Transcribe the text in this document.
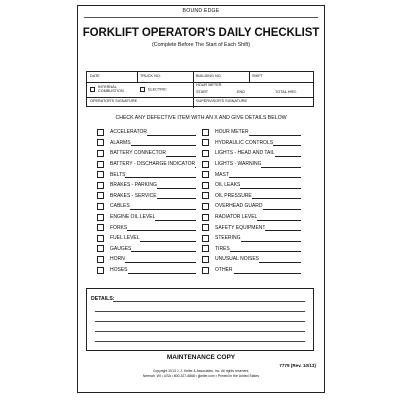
BOUND EDGE
FORKLIFT OPERATOR'S DAILY CHECKLIST
(Complete Before The Start of Each Shift)
DATE	TRUCK NO.	BUILDING NO.	SHIFT
INTERNAL
COMBUSTION	ELECTRIC
HOUR METER
START	END	TOTAL HRS.
OPERATOR'S SIGNATURE	SUPERVISOR'S SIGNATURE
CHECK ANY DEFECTIVE ITEM WITH AN X AND GIVE DETAILS BELOW
ACCELERATOR	HOUR METER
ALARMS	HYDRAULIC CONTROLS
BATTERY CONNECTOR	LIGHTS - HEAD AND TAIL
BATTERY - DISCHARGE INDICATOR	LIGHTS - WARNING
BELTS	MAST
BRAKES - PARKING	OIL LEAKS
BRAKES - SERVICE	OIL PRESSURE
CABLES	OVERHEAD GUARD
ENGINE OIL LEVEL	RADIATOR LEVEL
FORKS	SAFETY EQUIPMENT
FUEL LEVEL	STEERING
GAUGES	TIRES
HORN	UNUSUAL NOISES
HOSES	OTHER
DETAILS:
MAINTENANCE COPY
7779 (Rev. 10/13)
Copyright 2013 J. J. Keller & Associates, Inc. All rights reserved.
Neenah, WI • USA • 800-327-6868 • jjkeller.com • Printed in the United States
